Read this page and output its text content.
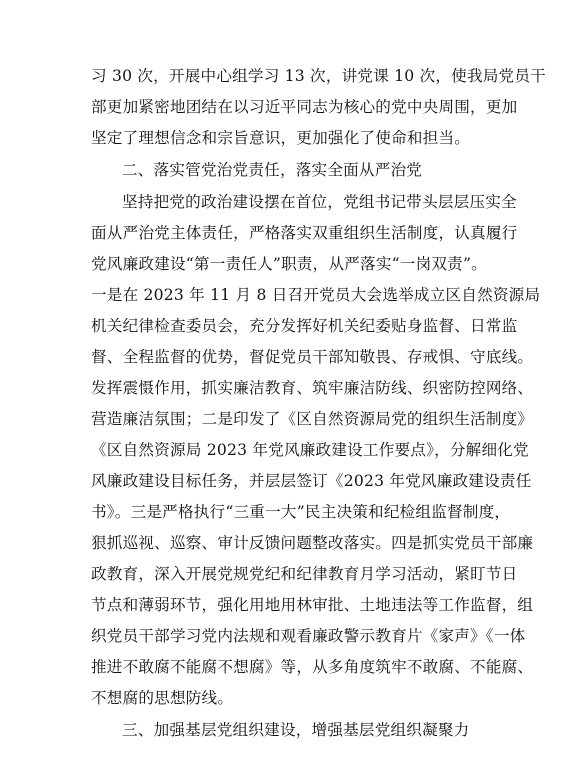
习 30 次，开展中心组学习 13 次，讲党课 10 次，使我局党员干
部更加紧密地团结在以习近平同志为核心的党中央周围，更加
坚定了理想信念和宗旨意识，更加强化了使命和担当。
二、落实管党治党责任，落实全面从严治党
坚持把党的政治建设摆在首位，党组书记带头层层压实全
面从严治党主体责任，严格落实双重组织生活制度，认真履行
党风廉政建设“第一责任人”职责，从严落实“一岗双责”。
一是在 2023 年 11 月 8 日召开党员大会选举成立区自然资源局
机关纪律检查委员会，充分发挥好机关纪委贴身监督、日常监
督、全程监督的优势，督促党员干部知敬畏、存戒惧、守底线。
发挥震慑作用，抓实廉洁教育、筑牢廉洁防线、织密防控网络、
营造廉洁氛围；二是印发了《区自然资源局党的组织生活制度》
《区自然资源局 2023 年党风廉政建设工作要点》，分解细化党
风廉政建设目标任务，并层层签订《2023 年党风廉政建设责任
书》。三是严格执行“三重一大”民主决策和纪检组监督制度，
狠抓巡视、巡察、审计反馈问题整改落实。四是抓实党员干部廉
政教育，深入开展党规党纪和纪律教育月学习活动，紧盯节日
节点和薄弱环节，强化用地用林审批、土地违法等工作监督，组
织党员干部学习党内法规和观看廉政警示教育片《家声》《一体
推进不敢腐不能腐不想腐》等，从多角度筑牢不敢腐、不能腐、
不想腐的思想防线。
三、加强基层党组织建设，增强基层党组织凝聚力
